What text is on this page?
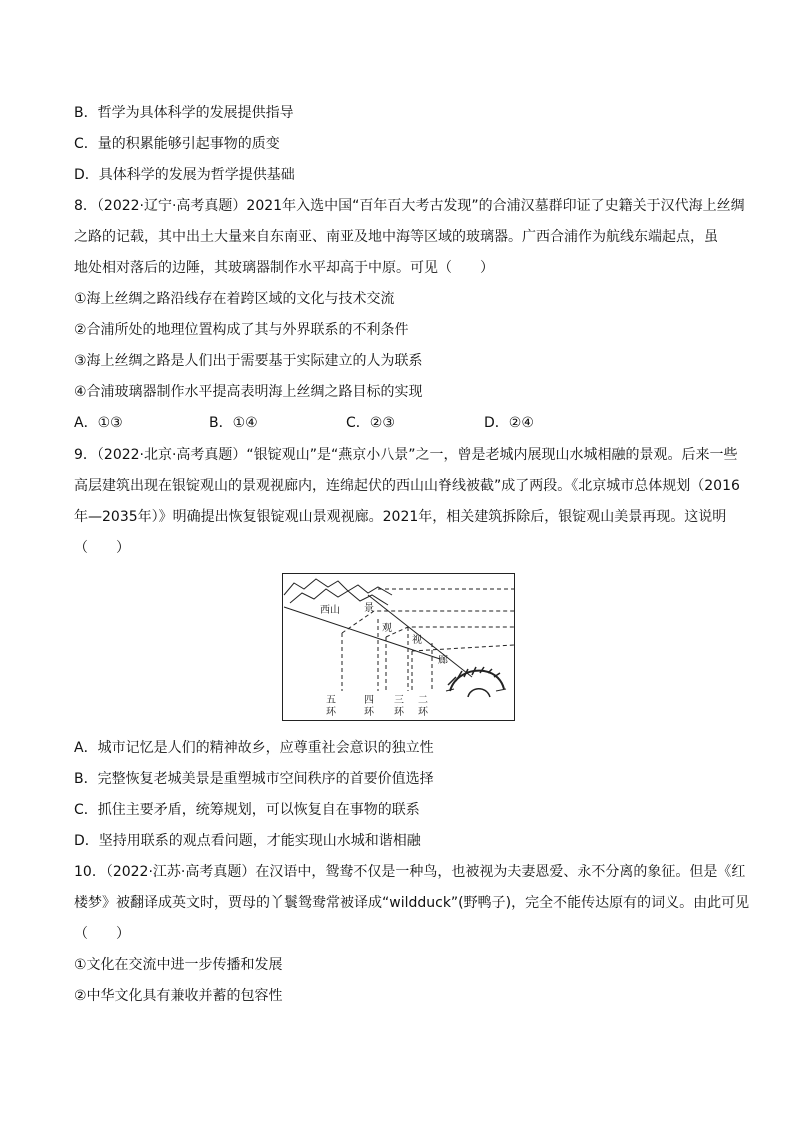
B．哲学为具体科学的发展提供指导
C．量的积累能够引起事物的质变
D．具体科学的发展为哲学提供基础
8．（2022·辽宁·高考真题）2021年入选中国“百年百大考古发现”的合浦汉墓群印证了史籍关于汉代海上丝绸
之路的记载，其中出土大量来自东南亚、南亚及地中海等区域的玻璃器。广西合浦作为航线东端起点，虽
地处相对落后的边陲，其玻璃器制作水平却高于中原。可见（　　）
①海上丝绸之路沿线存在着跨区域的文化与技术交流
②合浦所处的地理位置构成了其与外界联系的不利条件
③海上丝绸之路是人们出于需要基于实际建立的人为联系
④合浦玻璃器制作水平提高表明海上丝绸之路目标的实现
A．①③	B．①④	C．②③	D．②④
9．（2022·北京·高考真题）“银锭观山”是“燕京小八景”之一，曾是老城内展现山水城相融的景观。后来一些
高层建筑出现在银锭观山的景观视廊内，连绵起伏的西山山脊线被截”成了两段。《北京城市总体规划（2016
年—2035年）》明确提出恢复银锭观山景观视廊。2021年，相关建筑拆除后，银锭观山美景再现。这说明
（　　）
西山 景
观
视
廊
五
环
四
环
三
环
二
环
A．城市记忆是人们的精神故乡，应尊重社会意识的独立性
B．完整恢复老城美景是重塑城市空间秩序的首要价值选择
C．抓住主要矛盾，统筹规划，可以恢复自在事物的联系
D．坚持用联系的观点看问题，才能实现山水城和谐相融
10．（2022·江苏·高考真题）在汉语中，鸳鸯不仅是一种鸟，也被视为夫妻恩爱、永不分离的象征。但是《红
楼梦》被翻译成英文时，贾母的丫鬟鸳鸯常被译成“wildduck”(野鸭子)，完全不能传达原有的词义。由此可见
（　　）
①文化在交流中进一步传播和发展
②中华文化具有兼收并蓄的包容性
